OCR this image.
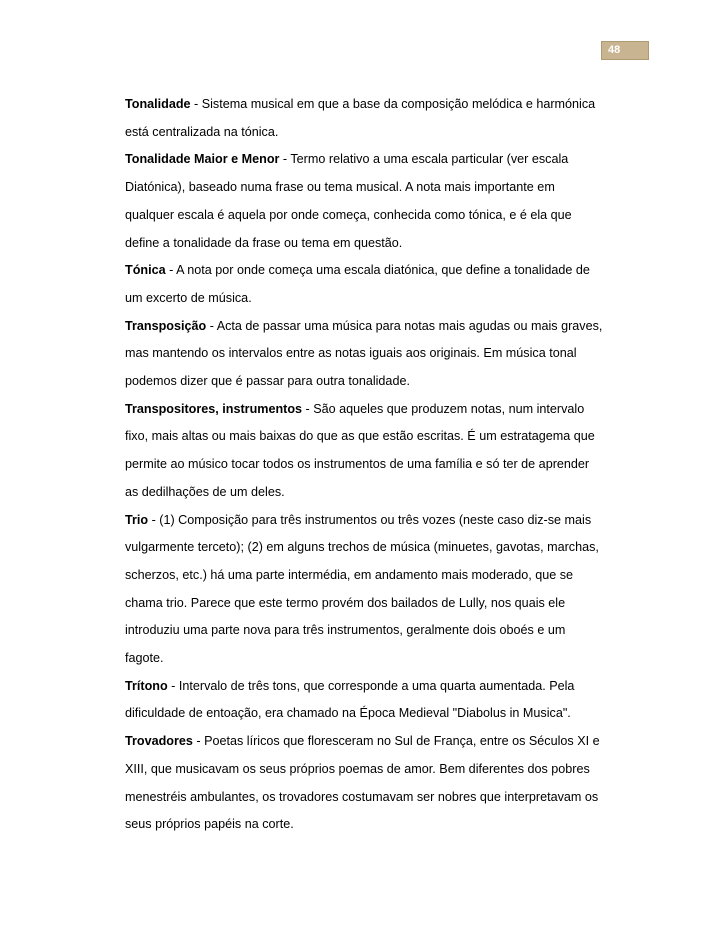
48

Tonalidade - Sistema musical em que a base da composição melódica e harmónica está centralizada na tónica.

Tonalidade Maior e Menor - Termo relativo a uma escala particular (ver escala Diatónica), baseado numa frase ou tema musical. A nota mais importante em qualquer escala é aquela por onde começa, conhecida como tónica, e é ela que define a tonalidade da frase ou tema em questão.

Tónica - A nota por onde começa uma escala diatónica, que define a tonalidade de um excerto de música.

Transposição - Acta de passar uma música para notas mais agudas ou mais graves, mas mantendo os intervalos entre as notas iguais aos originais. Em música tonal podemos dizer que é passar para outra tonalidade.

Transpositores, instrumentos - São aqueles que produzem notas, num intervalo fixo, mais altas ou mais baixas do que as que estão escritas. É um estratagema que permite ao músico tocar todos os instrumentos de uma família e só ter de aprender as dedilhações de um deles.

Trio - (1) Composição para três instrumentos ou três vozes (neste caso diz-se mais vulgarmente terceto); (2) em alguns trechos de música (minuetes, gavotas, marchas, scherzos, etc.) há uma parte intermédia, em andamento mais moderado, que se chama trio. Parece que este termo provém dos bailados de Lully, nos quais ele introduziu uma parte nova para três instrumentos, geralmente dois oboés e um fagote.

Trítono - Intervalo de três tons, que corresponde a uma quarta aumentada. Pela dificuldade de entoação, era chamado na Época Medieval "Diabolus in Musica".

Trovadores - Poetas líricos que floresceram no Sul de França, entre os Séculos XI e XIII, que musicavam os seus próprios poemas de amor. Bem diferentes dos pobres menestréis ambulantes, os trovadores costumavam ser nobres que interpretavam os seus próprios papéis na corte.
